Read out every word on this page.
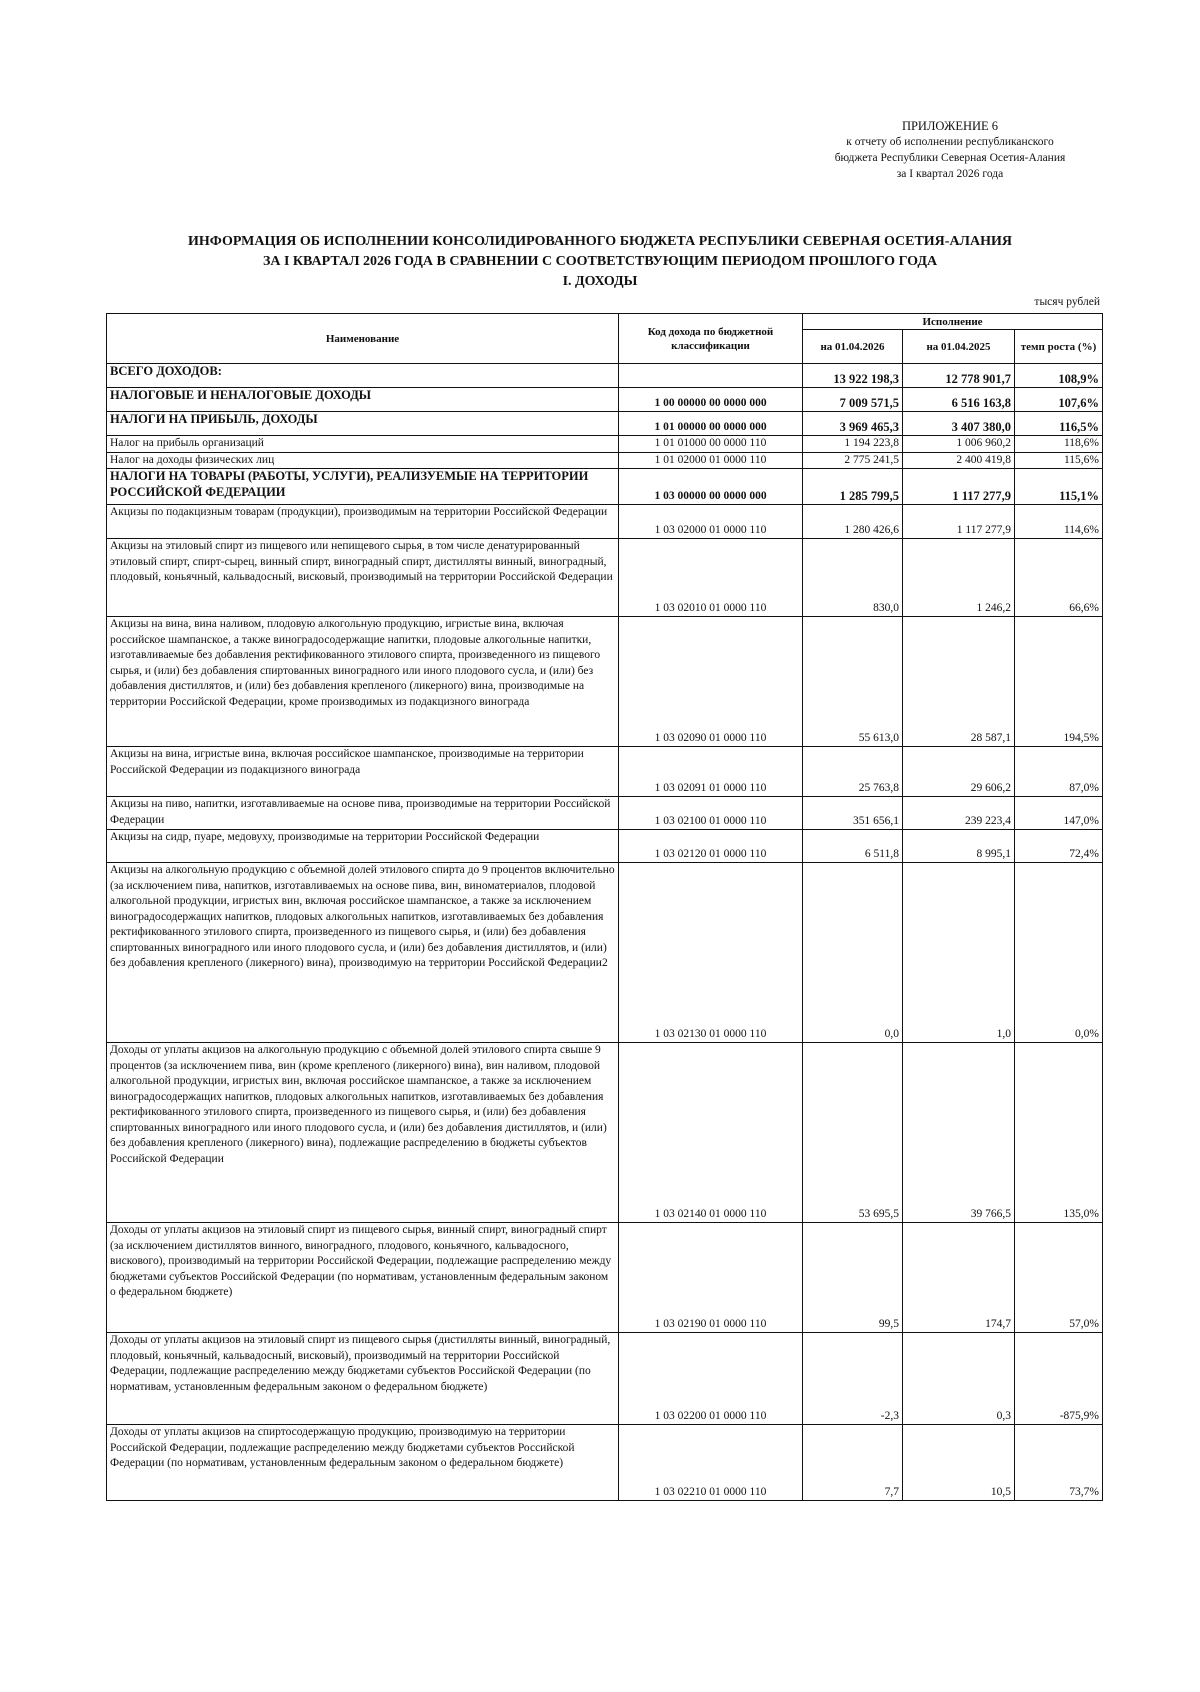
ПРИЛОЖЕНИЕ 6
к отчету об исполнении республиканского
бюджета Республики Северная Осетия-Алания
за I квартал 2026 года
ИНФОРМАЦИЯ ОБ ИСПОЛНЕНИИ КОНСОЛИДИРОВАННОГО БЮДЖЕТА РЕСПУБЛИКИ СЕВЕРНАЯ ОСЕТИЯ-АЛАНИЯ
ЗА I КВАРТАЛ 2026 ГОДА В СРАВНЕНИИ С СООТВЕТСТВУЮЩИМ ПЕРИОДОМ ПРОШЛОГО ГОДА
I. ДОХОДЫ
тысяч рублей
Наименование	Код дохода по бюджетной классификации	Исполнение		
		на 01.04.2026	на 01.04.2025	темп роста (%)
ВСЕГО ДОХОДОВ:		13 922 198,3	12 778 901,7	108,9%
НАЛОГОВЫЕ И НЕНАЛОГОВЫЕ ДОХОДЫ	1 00 00000 00 0000 000	7 009 571,5	6 516 163,8	107,6%
НАЛОГИ НА ПРИБЫЛЬ, ДОХОДЫ	1 01 00000 00 0000 000	3 969 465,3	3 407 380,0	116,5%
Налог на прибыль организаций	1 01 01000 00 0000 110	1 194 223,8	1 006 960,2	118,6%
Налог на доходы физических лиц	1 01 02000 01 0000 110	2 775 241,5	2 400 419,8	115,6%
НАЛОГИ НА ТОВАРЫ (РАБОТЫ, УСЛУГИ), РЕАЛИЗУЕМЫЕ НА ТЕРРИТОРИИ РОССИЙСКОЙ ФЕДЕРАЦИИ	1 03 00000 00 0000 000	1 285 799,5	1 117 277,9	115,1%
Акцизы по подакцизным товарам (продукции), производимым на территории Российской Федерации	1 03 02000 01 0000 110	1 280 426,6	1 117 277,9	114,6%
Акцизы на этиловый спирт из пищевого или непищевого сырья, в том числе денатурированный этиловый спирт, спирт-сырец, винный спирт, виноградный спирт, дистилляты винный, виноградный, плодовый, коньячный, кальвадосный, висковый, производимый на территории Российской Федерации	1 03 02010 01 0000 110	830,0	1 246,2	66,6%
Акцизы на вина, вина наливом, плодовую алкогольную продукцию, игристые вина, включая российское шампанское, а также виноградосодержащие напитки, плодовые алкогольные напитки, изготавливаемые без добавления ректификованного этилового спирта, произведенного из пищевого сырья, и (или) без добавления спиртованных виноградного или иного плодового сусла, и (или) без добавления дистиллятов, и (или) без добавления крепленого (ликерного) вина, производимые на территории Российской Федерации, кроме производимых из подакцизного винограда	1 03 02090 01 0000 110	55 613,0	28 587,1	194,5%
Акцизы на вина, игристые вина, включая российское шампанское, производимые на территории Российской Федерации из подакцизного винограда	1 03 02091 01 0000 110	25 763,8	29 606,2	87,0%
Акцизы на пиво, напитки, изготавливаемые на основе пива, производимые на территории Российской Федерации	1 03 02100 01 0000 110	351 656,1	239 223,4	147,0%
Акцизы на сидр, пуаре, медовуху, производимые на территории Российской Федерации	1 03 02120 01 0000 110	6 511,8	8 995,1	72,4%
Акцизы на алкогольную продукцию с объемной долей этилового спирта до 9 процентов включительно (за исключением пива, напитков, изготавливаемых на основе пива, вин, виноматериалов, плодовой алкогольной продукции, игристых вин, включая российское шампанское, а также за исключением виноградосодержащих напитков, плодовых алкогольных напитков, изготавливаемых без добавления ректификованного этилового спирта, произведенного из пищевого сырья, и (или) без добавления спиртованных виноградного или иного плодового сусла, и (или) без добавления дистиллятов, и (или) без добавления крепленого (ликерного) вина), производимую на территории Российской Федерации2	1 03 02130 01 0000 110	0,0	1,0	0,0%
Доходы от уплаты акцизов на алкогольную продукцию с объемной долей этилового спирта свыше 9 процентов (за исключением пива, вин (кроме крепленого (ликерного) вина), вин наливом, плодовой алкогольной продукции, игристых вин, включая российское шампанское, а также за исключением виноградосодержащих напитков, плодовых алкогольных напитков, изготавливаемых без добавления ректификованного этилового спирта, произведенного из пищевого сырья, и (или) без добавления спиртованных виноградного или иного плодового сусла, и (или) без добавления дистиллятов, и (или) без добавления крепленого (ликерного) вина), подлежащие распределению в бюджеты субъектов Российской Федерации	1 03 02140 01 0000 110	53 695,5	39 766,5	135,0%
Доходы от уплаты акцизов на этиловый спирт из пищевого сырья, винный спирт, виноградный спирт (за исключением дистиллятов винного, виноградного, плодового, коньячного, кальвадосного, вискового), производимый на территории Российской Федерации, подлежащие распределению между бюджетами субъектов Российской Федерации (по нормативам, установленным федеральным законом о федеральном бюджете)	1 03 02190 01 0000 110	99,5	174,7	57,0%
Доходы от уплаты акцизов на этиловый спирт из пищевого сырья (дистилляты винный, виноградный, плодовый, коньячный, кальвадосный, висковый), производимый на территории Российской Федерации, подлежащие распределению между бюджетами субъектов Российской Федерации (по нормативам, установленным федеральным законом о федеральном бюджете)	1 03 02200 01 0000 110	-2,3	0,3	-875,9%
Доходы от уплаты акцизов на спиртосодержащую продукцию, производимую на территории Российской Федерации, подлежащие распределению между бюджетами субъектов Российской Федерации (по нормативам, установленным федеральным законом о федеральном бюджете)	1 03 02210 01 0000 110	7,7	10,5	73,7%
